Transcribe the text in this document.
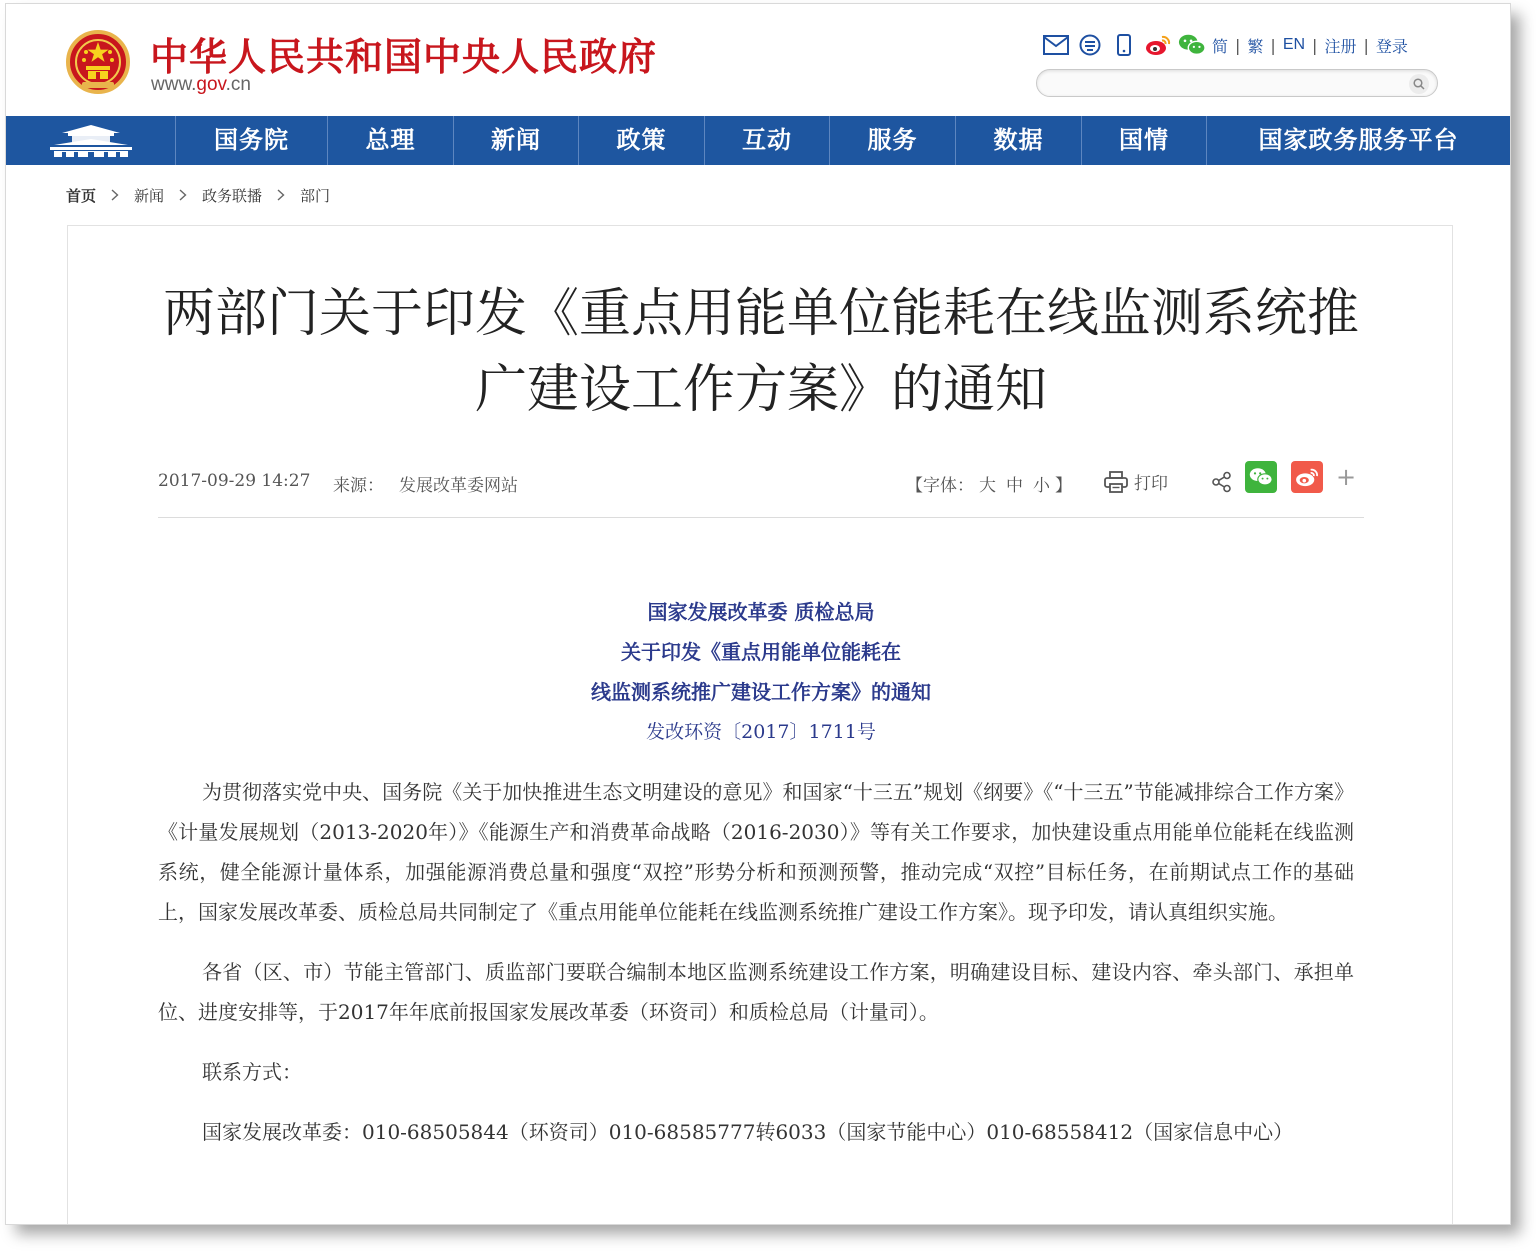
中华人民共和国中央人民政府
www.gov.cn
简 | 繁 | EN | 注册 | 登录
国务院	总理	新闻	政策	互动	服务	数据	国情	国家政务服务平台
首页	新闻	政务联播	部门
两部门关于印发《重点用能单位能耗在线监测系统推
广建设工作方案》的通知
2017-09-29 14:27 来源： 发展改革委网站	【字体： 大 中 小 】	打印	+
国家发展改革委 质检总局
关于印发《重点用能单位能耗在
线监测系统推广建设工作方案》的通知
发改环资〔2017〕1711号

为贯彻落实党中央、国务院《关于加快推进生态文明建设的意见》和国家“十三五”规划《纲要》《“十三五”节能减排综合工作方案》《计量发展规划（2013-2020年）》《能源生产和消费革命战略（2016-2030）》等有关工作要求，加快建设重点用能单位能耗在线监测系统，健全能源计量体系，加强能源消费总量和强度“双控”形势分析和预测预警，推动完成“双控”目标任务，在前期试点工作的基础上，国家发展改革委、质检总局共同制定了《重点用能单位能耗在线监测系统推广建设工作方案》。现予印发，请认真组织实施。

各省（区、市）节能主管部门、质监部门要联合编制本地区监测系统建设工作方案，明确建设目标、建设内容、牵头部门、承担单位、进度安排等，于2017年年底前报国家发展改革委（环资司）和质检总局（计量司）。

联系方式：

国家发展改革委：010-68505844（环资司）010-68585777转6033（国家节能中心）010-68558412（国家信息中心）
